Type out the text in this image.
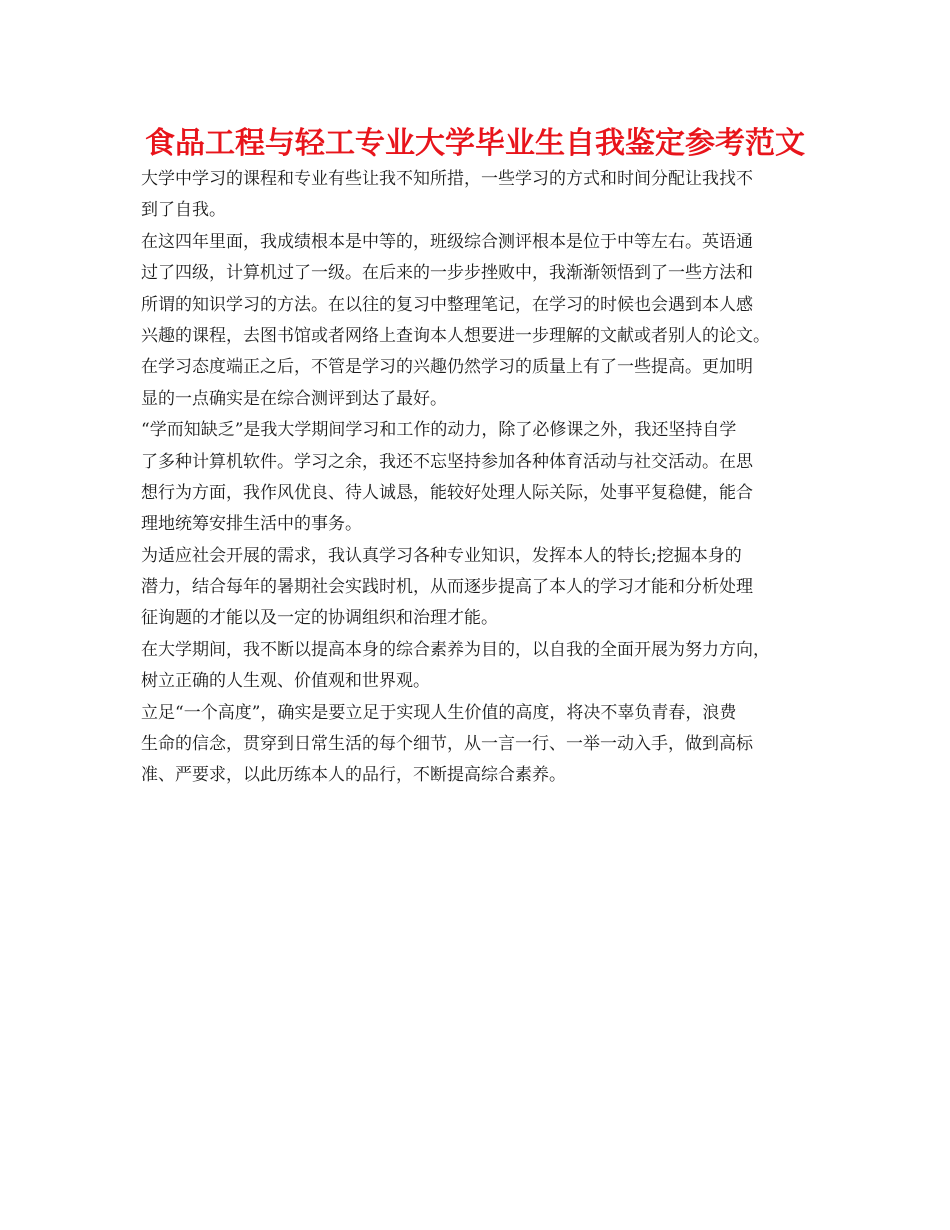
食品工程与轻工专业大学毕业生自我鉴定参考范文
大学中学习的课程和专业有些让我不知所措，一些学习的方式和时间分配让我找不
到了自我。
在这四年里面，我成绩根本是中等的，班级综合测评根本是位于中等左右。英语通
过了四级，计算机过了一级。在后来的一步步挫败中，我渐渐领悟到了一些方法和
所谓的知识学习的方法。在以往的复习中整理笔记，在学习的时候也会遇到本人感
兴趣的课程，去图书馆或者网络上查询本人想要进一步理解的文献或者别人的论文。
在学习态度端正之后，不管是学习的兴趣仍然学习的质量上有了一些提高。更加明
显的一点确实是在综合测评到达了最好。
“学而知缺乏”是我大学期间学习和工作的动力，除了必修课之外，我还坚持自学
了多种计算机软件。学习之余，我还不忘坚持参加各种体育活动与社交活动。在思
想行为方面，我作风优良、待人诚恳，能较好处理人际关际，处事平复稳健，能合
理地统筹安排生活中的事务。
为适应社会开展的需求，我认真学习各种专业知识，发挥本人的特长;挖掘本身的
潜力，结合每年的暑期社会实践时机，从而逐步提高了本人的学习才能和分析处理
征询题的才能以及一定的协调组织和治理才能。
在大学期间，我不断以提高本身的综合素养为目的，以自我的全面开展为努力方向，
树立正确的人生观、价值观和世界观。
立足“一个高度”，确实是要立足于实现人生价值的高度，将决不辜负青春，浪费
生命的信念，贯穿到日常生活的每个细节，从一言一行、一举一动入手，做到高标
准、严要求，以此历练本人的品行，不断提高综合素养。
